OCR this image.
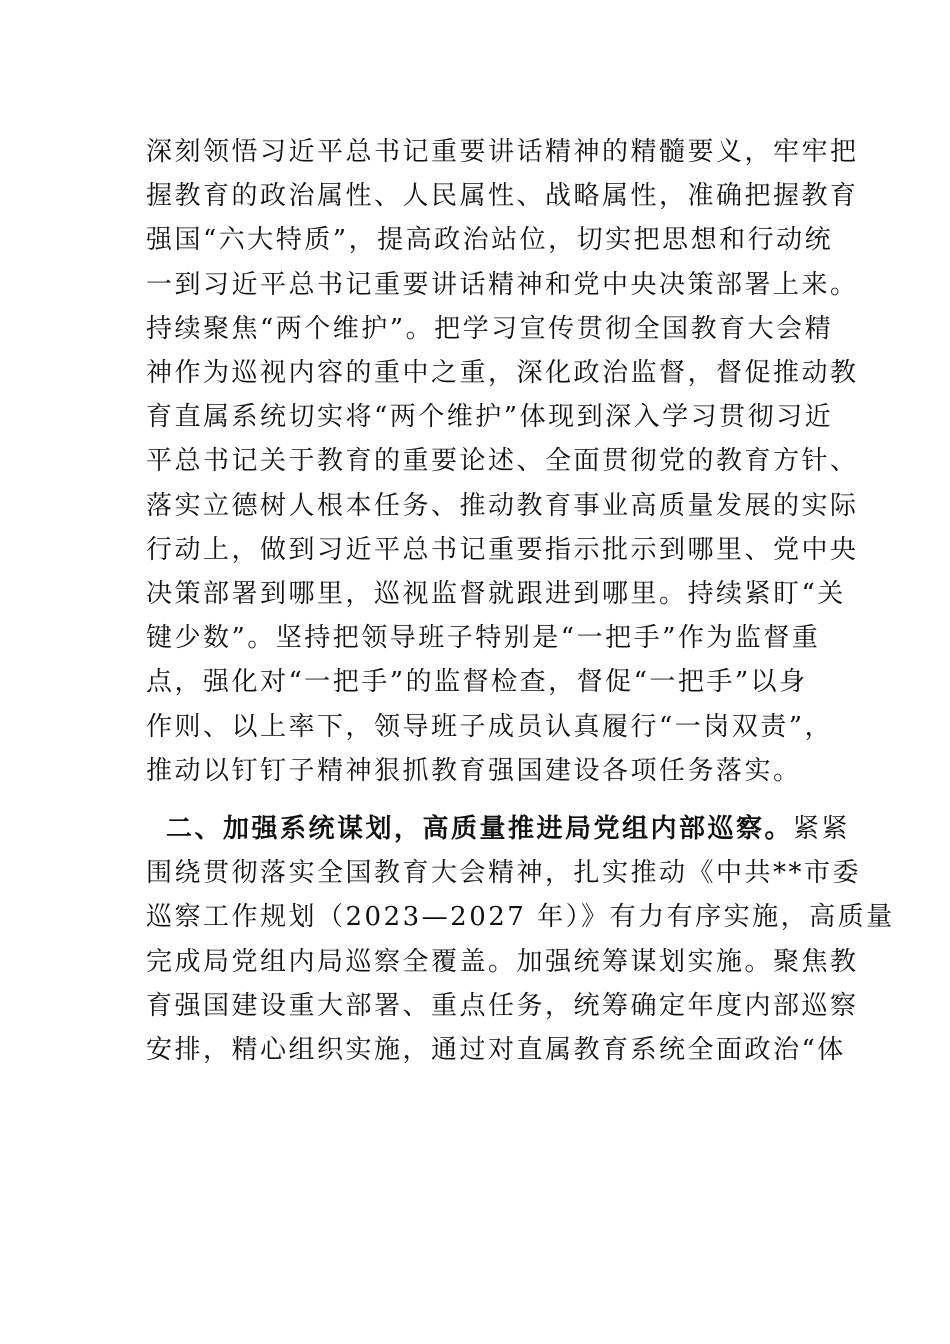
深刻领悟习近平总书记重要讲话精神的精髓要义，牢牢把
握教育的政治属性、人民属性、战略属性，准确把握教育
强国“六大特质”，提高政治站位，切实把思想和行动统
一到习近平总书记重要讲话精神和党中央决策部署上来。
持续聚焦“两个维护”。把学习宣传贯彻全国教育大会精
神作为巡视内容的重中之重，深化政治监督，督促推动教
育直属系统切实将“两个维护”体现到深入学习贯彻习近
平总书记关于教育的重要论述、全面贯彻党的教育方针、
落实立德树人根本任务、推动教育事业高质量发展的实际
行动上，做到习近平总书记重要指示批示到哪里、党中央
决策部署到哪里，巡视监督就跟进到哪里。持续紧盯“关
键少数”。坚持把领导班子特别是“一把手”作为监督重
点，强化对“一把手”的监督检查，督促“一把手”以身
作则、以上率下，领导班子成员认真履行“一岗双责”，
推动以钉钉子精神狠抓教育强国建设各项任务落实。

二、加强系统谋划，高质量推进局党组内部巡察。紧紧
围绕贯彻落实全国教育大会精神，扎实推动《中共**市委
巡察工作规划（2023—2027 年）》有力有序实施，高质量
完成局党组内局巡察全覆盖。加强统筹谋划实施。聚焦教
育强国建设重大部署、重点任务，统筹确定年度内部巡察
安排，精心组织实施，通过对直属教育系统全面政治“体
